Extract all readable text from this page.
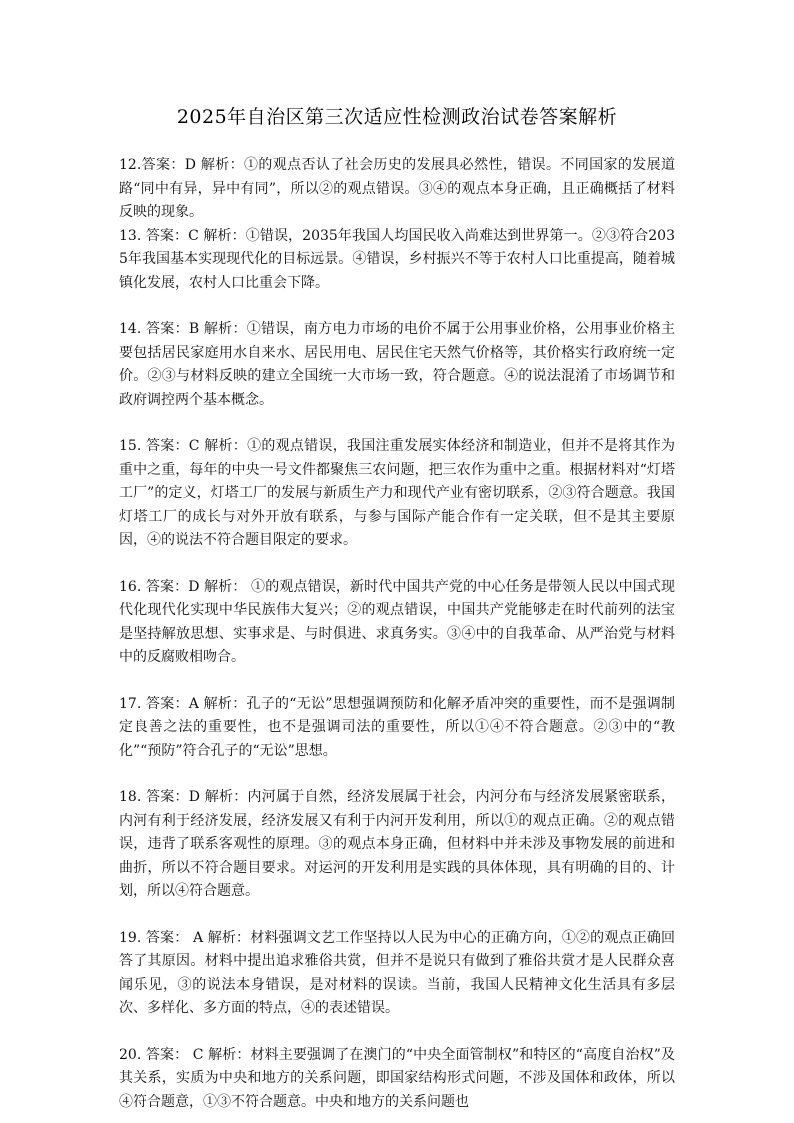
2025年自治区第三次适应性检测政治试卷答案解析

12.答案：D 解析：①的观点否认了社会历史的发展具必然性，错误。不同国家的发展道路“同中有异，异中有同”，所以②的观点错误。③④的观点本身正确，且正确概括了材料反映的现象。

13. 答案：C 解析：①错误，2035年我国人均国民收入尚难达到世界第一。②③符合2035年我国基本实现现代化的目标远景。④错误，乡村振兴不等于农村人口比重提高，随着城镇化发展，农村人口比重会下降。

14. 答案：B 解析：①错误，南方电力市场的电价不属于公用事业价格，公用事业价格主要包括居民家庭用水自来水、居民用电、居民住宅天然气价格等，其价格实行政府统一定价。②③与材料反映的建立全国统一大市场一致，符合题意。④的说法混淆了市场调节和政府调控两个基本概念。

15. 答案：C 解析：①的观点错误，我国注重发展实体经济和制造业，但并不是将其作为重中之重，每年的中央一号文件都聚焦三农问题，把三农作为重中之重。根据材料对“灯塔工厂”的定义，灯塔工厂的发展与新质生产力和现代产业有密切联系，②③符合题意。我国灯塔工厂的成长与对外开放有联系，与参与国际产能合作有一定关联，但不是其主要原因，④的说法不符合题目限定的要求。

16. 答案：D 解析： ①的观点错误，新时代中国共产党的中心任务是带领人民以中国式现代化现代化实现中华民族伟大复兴；②的观点错误，中国共产党能够走在时代前列的法宝是坚持解放思想、实事求是、与时俱进、求真务实。③④中的自我革命、从严治党与材料中的反腐败相吻合。

17. 答案：A 解析：孔子的“无讼”思想强调预防和化解矛盾冲突的重要性，而不是强调制定良善之法的重要性，也不是强调司法的重要性，所以①④不符合题意。②③中的“教化”“预防”符合孔子的“无讼”思想。

18. 答案：D 解析：内河属于自然，经济发展属于社会，内河分布与经济发展紧密联系，内河有利于经济发展，经济发展又有利于内河开发利用，所以①的观点正确。②的观点错误，违背了联系客观性的原理。③的观点本身正确，但材料中并未涉及事物发展的前进和曲折，所以不符合题目要求。对运河的开发利用是实践的具体体现，具有明确的目的、计划，所以④符合题意。

19. 答案： A 解析：材料强调文艺工作坚持以人民为中心的正确方向，①②的观点正确回答了其原因。材料中提出追求雅俗共赏，但并不是说只有做到了雅俗共赏才是人民群众喜闻乐见，③的说法本身错误，是对材料的误读。当前，我国人民精神文化生活具有多层次、多样化、多方面的特点，④的表述错误。

20. 答案： C 解析：材料主要强调了在澳门的“中央全面管制权”和特区的“高度自治权”及其关系，实质为中央和地方的关系问题，即国家结构形式问题，不涉及国体和政体，所以④符合题意，①③不符合题意。中央和地方的关系问题也
